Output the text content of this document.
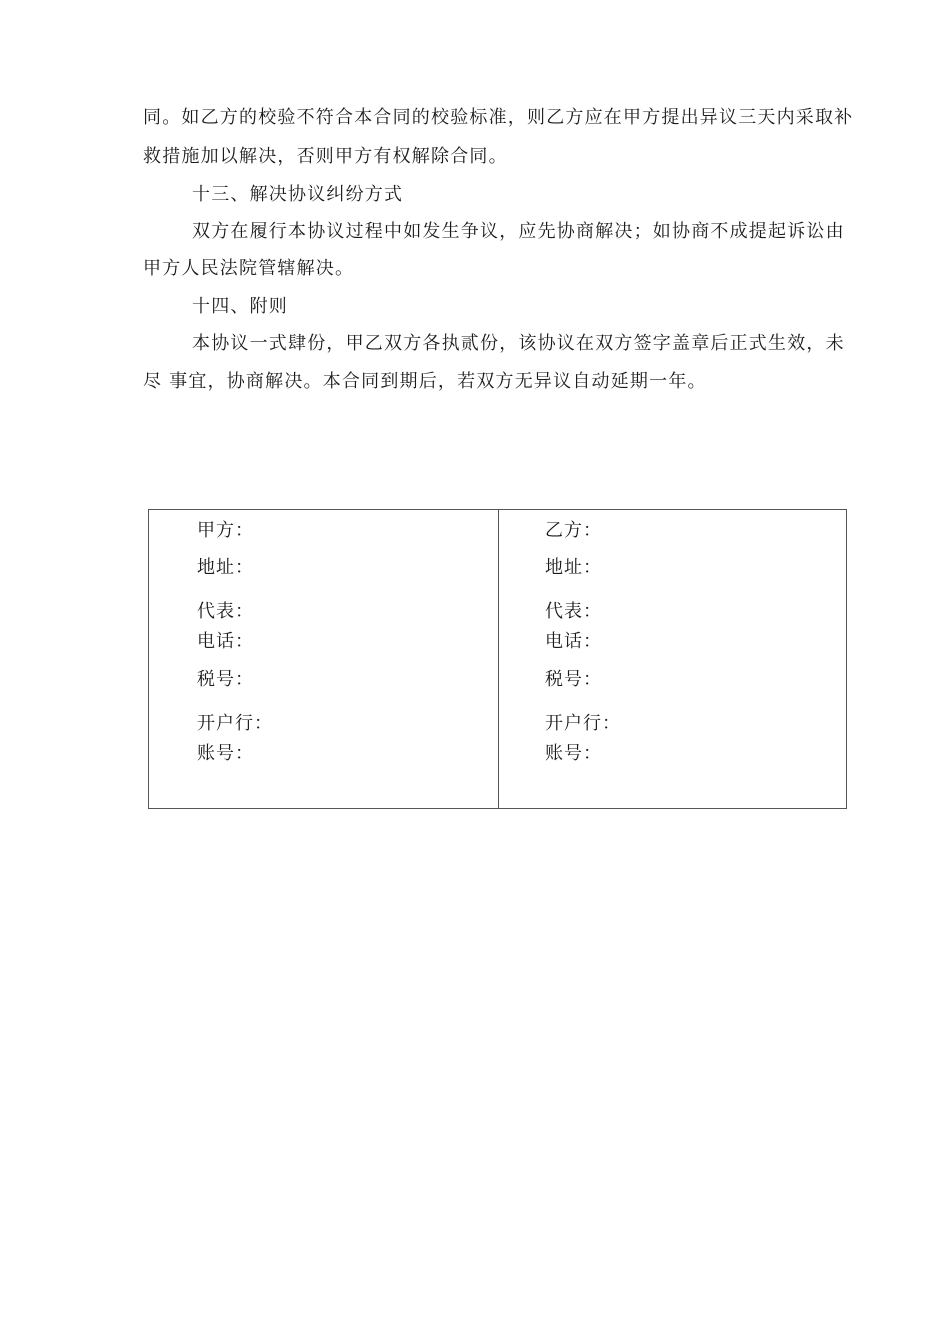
同。如乙方的校验不符合本合同的校验标准，则乙方应在甲方提出异议三天内采取补
救措施加以解决，否则甲方有权解除合同。
十三、解决协议纠纷方式
双方在履行本协议过程中如发生争议，应先协商解决；如协商不成提起诉讼由
甲方人民法院管辖解决。
十四、附则
本协议一式肆份，甲乙双方各执贰份，该协议在双方签字盖章后正式生效，未
尽 事宜，协商解决。本合同到期后，若双方无异议自动延期一年。
甲方：
地址：
代表：
电话：
税号：
开户行：
账号：
乙方：
地址：
代表：
电话：
税号：
开户行：
账号：
